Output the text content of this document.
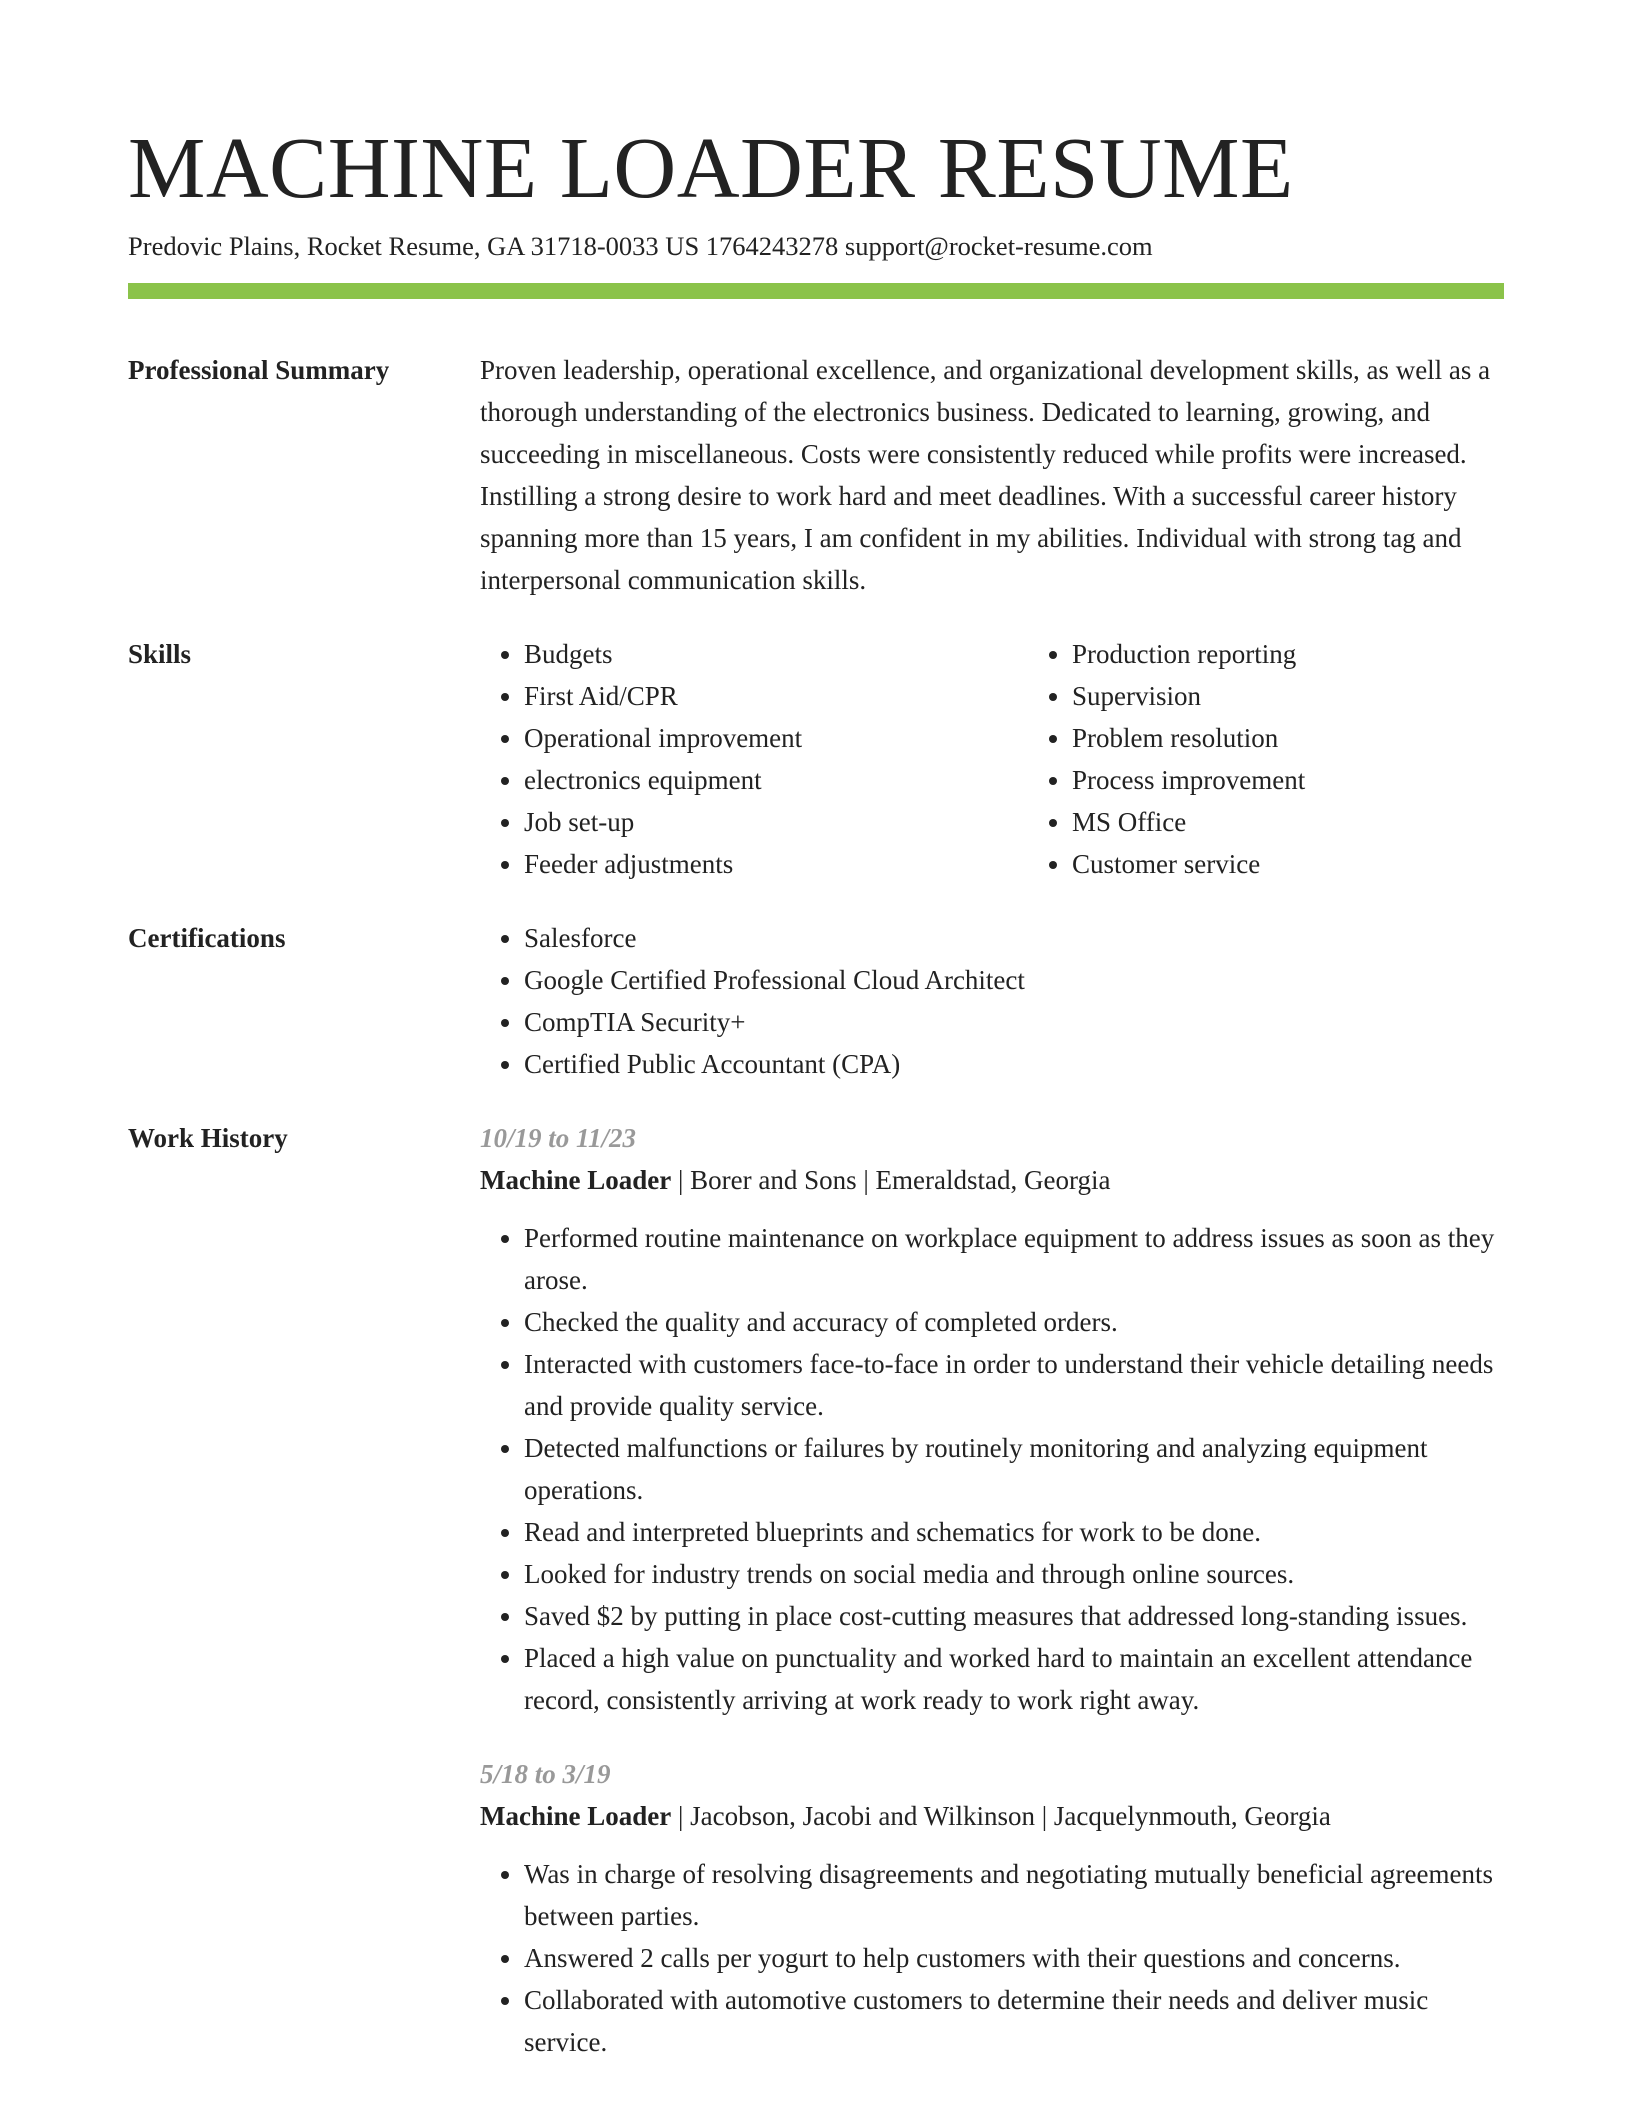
MACHINE LOADER RESUME
Predovic Plains, Rocket Resume, GA 31718-0033 US 1764243278 support@rocket-resume.com
Professional Summary	Proven leadership, operational excellence, and organizational development skills, as well as a thorough understanding of the electronics business. Dedicated to learning, growing, and succeeding in miscellaneous. Costs were consistently reduced while profits were increased. Instilling a strong desire to work hard and meet deadlines. With a successful career history spanning more than 15 years, I am confident in my abilities. Individual with strong tag and interpersonal communication skills.

Skills	• Budgets
• First Aid/CPR
• Operational improvement
• electronics equipment
• Job set-up
• Feeder adjustments
• Production reporting
• Supervision
• Problem resolution
• Process improvement
• MS Office
• Customer service
Certifications	• Salesforce
• Google Certified Professional Cloud Architect
• CompTIA Security+
• Certified Public Accountant (CPA)
Work History	10/19 to 11/23
Machine Loader | Borer and Sons | Emeraldstad, Georgia
• Performed routine maintenance on workplace equipment to address issues as soon as they arose.
• Checked the quality and accuracy of completed orders.
• Interacted with customers face-to-face in order to understand their vehicle detailing needs and provide quality service.
• Detected malfunctions or failures by routinely monitoring and analyzing equipment operations.
• Read and interpreted blueprints and schematics for work to be done.
• Looked for industry trends on social media and through online sources.
• Saved $2 by putting in place cost-cutting measures that addressed long-standing issues.
• Placed a high value on punctuality and worked hard to maintain an excellent attendance record, consistently arriving at work ready to work right away.
5/18 to 3/19
Machine Loader | Jacobson, Jacobi and Wilkinson | Jacquelynmouth, Georgia
• Was in charge of resolving disagreements and negotiating mutually beneficial agreements between parties.
• Answered 2 calls per yogurt to help customers with their questions and concerns.
• Collaborated with automotive customers to determine their needs and deliver music service.
